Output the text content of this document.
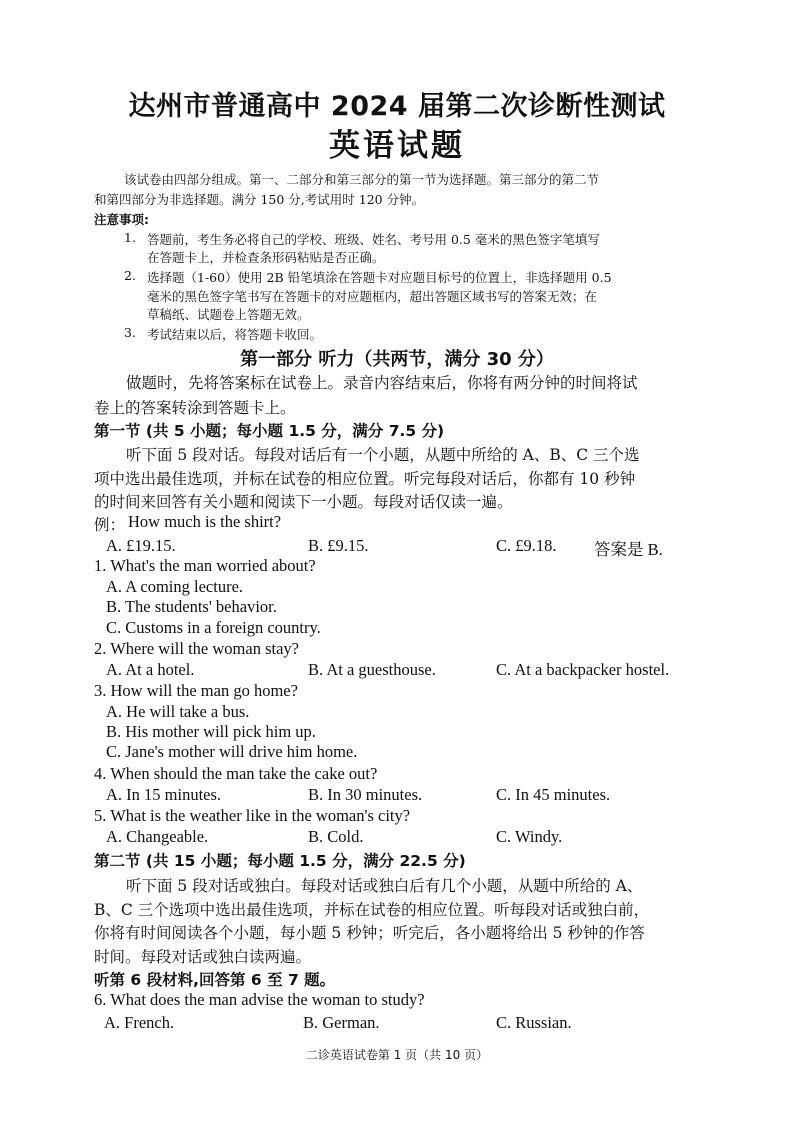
达州市普通高中 2024 届第二次诊断性测试
英语试题
该试卷由四部分组成。第一、二部分和第三部分的第一节为选择题。第三部分的第二节
和第四部分为非选择题。满分 150 分,考试用时 120 分钟。
注意事项:
1. 答题前，考生务必将自己的学校、班级、姓名、考号用 0.5 毫米的黑色签字笔填写
在答题卡上，并检查条形码粘贴是否正确。
2. 选择题（1-60）使用 2B 铅笔填涂在答题卡对应题目标号的位置上，非选择题用 0.5
毫米的黑色签字笔书写在答题卡的对应题框内，超出答题区域书写的答案无效；在
草稿纸、试题卷上答题无效。
3. 考试结束以后，将答题卡收回。
第一部分 听力（共两节，满分 30 分）
做题时，先将答案标在试卷上。录音内容结束后，你将有两分钟的时间将试
卷上的答案转涂到答题卡上。
第一节 (共 5 小题；每小题 1.5 分，满分 7.5 分)
听下面 5 段对话。每段对话后有一个小题，从题中所给的 A、B、C 三个选
项中选出最佳选项，并标在试卷的相应位置。听完每段对话后，你都有 10 秒钟
的时间来回答有关小题和阅读下一小题。每段对话仅读一遍。
例： How much is the shirt?
A. £19.15.	B. £9.15.	C. £9.18. 答案是 B.
1. What's the man worried about?
A. A coming lecture.
B. The students' behavior.
C. Customs in a foreign country.
2. Where will the woman stay?
A. At a hotel.	B. At a guesthouse.	C. At a backpacker hostel.
3. How will the man go home?
A. He will take a bus.
B. His mother will pick him up.
C. Jane's mother will drive him home.
4. When should the man take the cake out?
A. In 15 minutes.	B. In 30 minutes.	C. In 45 minutes.
5. What is the weather like in the woman's city?
A. Changeable.	B. Cold.	C. Windy.
第二节 (共 15 小题；每小题 1.5 分，满分 22.5 分)
听下面 5 段对话或独白。每段对话或独白后有几个小题，从题中所给的 A、
B、C 三个选项中选出最佳选项，并标在试卷的相应位置。听每段对话或独白前，
你将有时间阅读各个小题，每小题 5 秒钟；听完后，各小题将给出 5 秒钟的作答
时间。每段对话或独白读两遍。
听第 6 段材料,回答第 6 至 7 题。
6. What does the man advise the woman to study?
A. French.	B. German.	C. Russian.
二诊英语试卷第 1 页（共 10 页）
